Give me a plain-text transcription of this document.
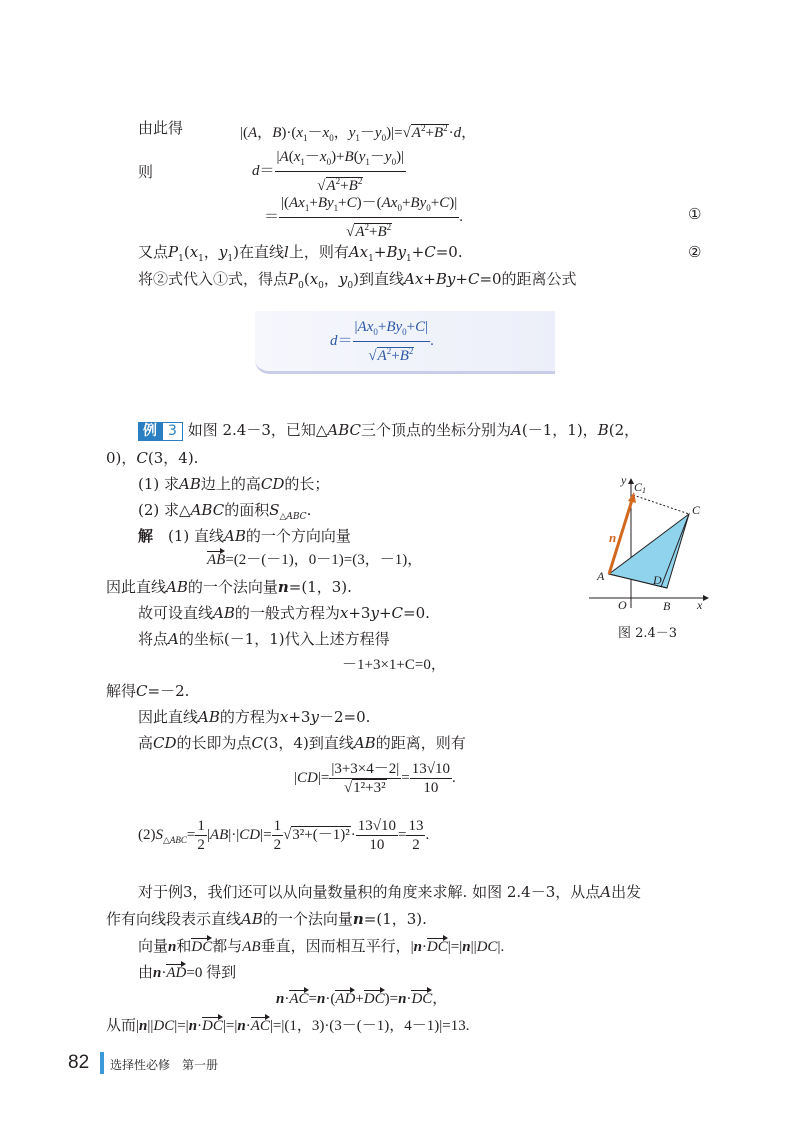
由此得	|(A，$B)\cdot(x_1-x_0$，$y_1-y_0)|=√A^2+B^2\cdot d$，
则	$d= \frac{|A(x_1-x_0)+B(y_1-y_0)|}{√A^2+B^2}$
＝ $\frac{|(Ax_1+By_1+C)-(Ax_0+By_0+C)|}{√A^2+B^2}$ .	①
又点$P_1(x_1$，$y_1$)在直线l上，则有$Ax_1+By_1+C=0$.	②
将②式代入①式，得点$P_0(x_0$，$y_0$)到直线Ax+By+C=0的距离公式
$d= \frac{|Ax_0+By_0+C|}{√A^2+B^2}$ .
例 3 如图 2.4－3，已知△ABC三个顶点的坐标分别为A(－1，1)，B(2，
0)，C(3，4).
(1) 求AB边上的高CD的长；
(2) 求△ABC的面积$S_{\triangle ABC}$.
解　(1) 直线AB的一个方向向量
AB=(2－(－1)，0－1)=(3，－1)，
因此直线AB的一个法向量n=(1，3).
故可设直线AB的一般式方程为x+3y+C=0.
将点A的坐标(－1，1)代入上述方程得
－1+3×1+C=0，
解得C=－2.
因此直线AB的方程为x+3y－2=0.
高CD的长即为点C(3，4)到直线AB的距离，则有
$|CD|= \frac{|3+3\times 4-2|}{\text{√1²+3²}} = \frac{13√10}{10}$ .
$(2)S_{\triangle ABC}= \frac{1}{2} |AB|\cdot|CD|= \frac{1}{2} √3^2+(-1)^2\cdot \frac{13√10}{10} = \frac{13}{2}$ .
y C1
C
n
A	D
O	B x
图 2.4－3
对于例3，我们还可以从向量数量积的角度来求解. 如图 2.4－3，从点A出发
作有向线段表示直线AB的一个法向量n=(1，3).
向量n和DC都与AB垂直，因而相互平行，|n·DC|=|n||DC|.
由n·AD=0 得到
n·AC=n·(AD+DC)=n·DC，
从而|n||DC|=|n·DC|=|n·AC|=|(1，3)·(3－(－1)，4－1)|=13.
82 选择性必修　第一册
